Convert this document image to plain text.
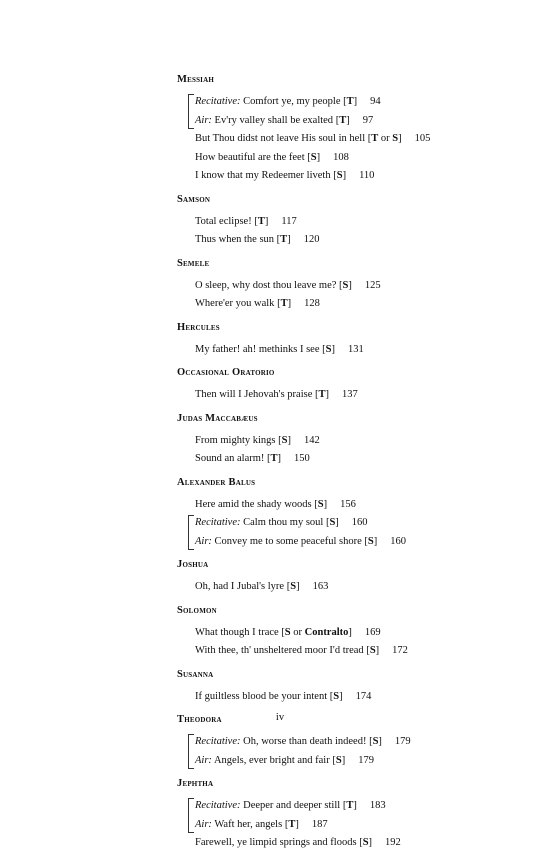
Messiah
Recitative: Comfort ye, my people [T] 94
Air: Ev'ry valley shall be exalted [T] 97
But Thou didst not leave His soul in hell [T or S] 105
How beautiful are the feet [S] 108
I know that my Redeemer liveth [S] 110
Samson
Total eclipse! [T] 117
Thus when the sun [T] 120
Semele
O sleep, why dost thou leave me? [S] 125
Where'er you walk [T] 128
Hercules
My father! ah! methinks I see [S] 131
Occasional Oratorio
Then will I Jehovah's praise [T] 137
Judas Maccabæus
From mighty kings [S] 142
Sound an alarm! [T] 150
Alexander Balus
Here amid the shady woods [S] 156
Recitative: Calm thou my soul [S] 160
Air: Convey me to some peaceful shore [S] 160
Joshua
Oh, had I Jubal's lyre [S] 163
Solomon
What though I trace [S or Contralto] 169
With thee, th' unsheltered moor I'd tread [S] 172
Susanna
If guiltless blood be your intent [S] 174
Theodora
Recitative: Oh, worse than death indeed! [S] 179
Air: Angels, ever bright and fair [S] 179
Jephtha
Recitative: Deeper and deeper still [T] 183
Air: Waft her, angels [T] 187
Farewell, ye limpid springs and floods [S] 192
iv
